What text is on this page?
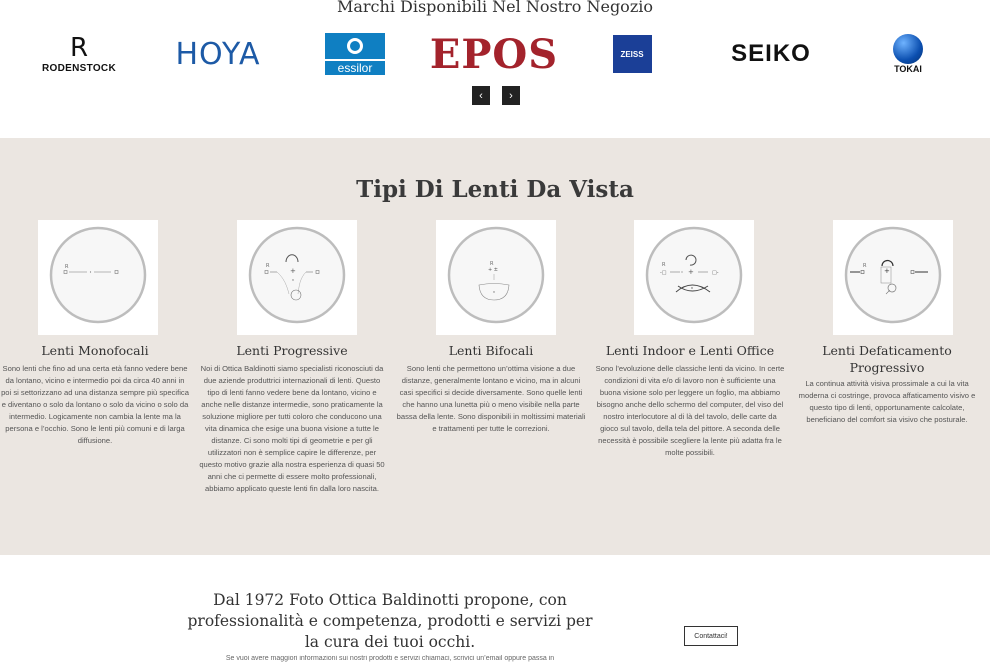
Marchi Disponibili Nel Nostro Negozio
R
RODENSTOCK HOYA	essilor	EPOS	ZEISS	SEIKO
TOKAI
‹	›
Tipi Di Lenti Da Vista
R
Lenti Monofocali
Sono lenti che fino ad una certa età fanno vedere bene da lontano, vicino e intermedio poi da circa 40 anni in poi si settorizzano ad una distanza sempre più specifica e diventano o solo da lontano o solo da vicino o solo da intermedio. Logicamente non cambia la lente ma la persona e l’occhio. Sono le lenti più comuni e di larga diffusione.
R
+
Lenti Progressive
Noi di Ottica Baldinotti siamo specialisti riconosciuti da due aziende produttrici internazionali di lenti. Questo tipo di lenti fanno vedere bene da lontano, vicino e anche nelle distanze intermedie, sono praticamente la soluzione migliore per tutti coloro che conducono una vita dinamica che esige una buona visione a tutte le distanze. Ci sono molti tipi di geometrie e per gli utilizzatori non è semplice capire le differenze, per questo motivo grazie alla nostra esperienza di quasi 50 anni che ci permette di essere molto professionali, abbiamo applicato queste lenti fin dalla loro nascita.
R
+ ±
Lenti Bifocali
Sono lenti che permettono un’ottima visione a due distanze, generalmente lontano e vicino, ma in alcuni casi specifici si decide diversamente. Sono quelle lenti che hanno una lunetta più o meno visibile nella parte bassa della lente. Sono disponibili in moltissimi materiali e trattamenti per tutte le correzioni.
R
-□	+	□-
Lenti Indoor e Lenti Office
Sono l’evoluzione delle classiche lenti da vicino. In certe condizioni di vita e/o di lavoro non è sufficiente una buona visione solo per leggere un foglio, ma abbiamo bisogno anche dello schermo del computer, del viso del nostro interlocutore al di là del tavolo, delle carte da gioco sul tavolo, della tela del pittore. A seconda delle necessità è possibile scegliere la lente più adatta fra le molte possibili.
R
+
Lenti Defaticamento Progressivo
La continua attività visiva prossimale a cui la vita moderna ci costringe, provoca affaticamento visivo e questo tipo di lenti, opportunamente calcolate, beneficiano del comfort sia visivo che posturale.
Dal 1972 Foto Ottica Baldinotti propone, con professionalità e competenza, prodotti e servizi per la cura dei tuoi occhi.	Contattaci!
Se vuoi avere maggiori informazioni sui nostri prodotti e servizi chiamaci, scrivici un’email oppure passa in
